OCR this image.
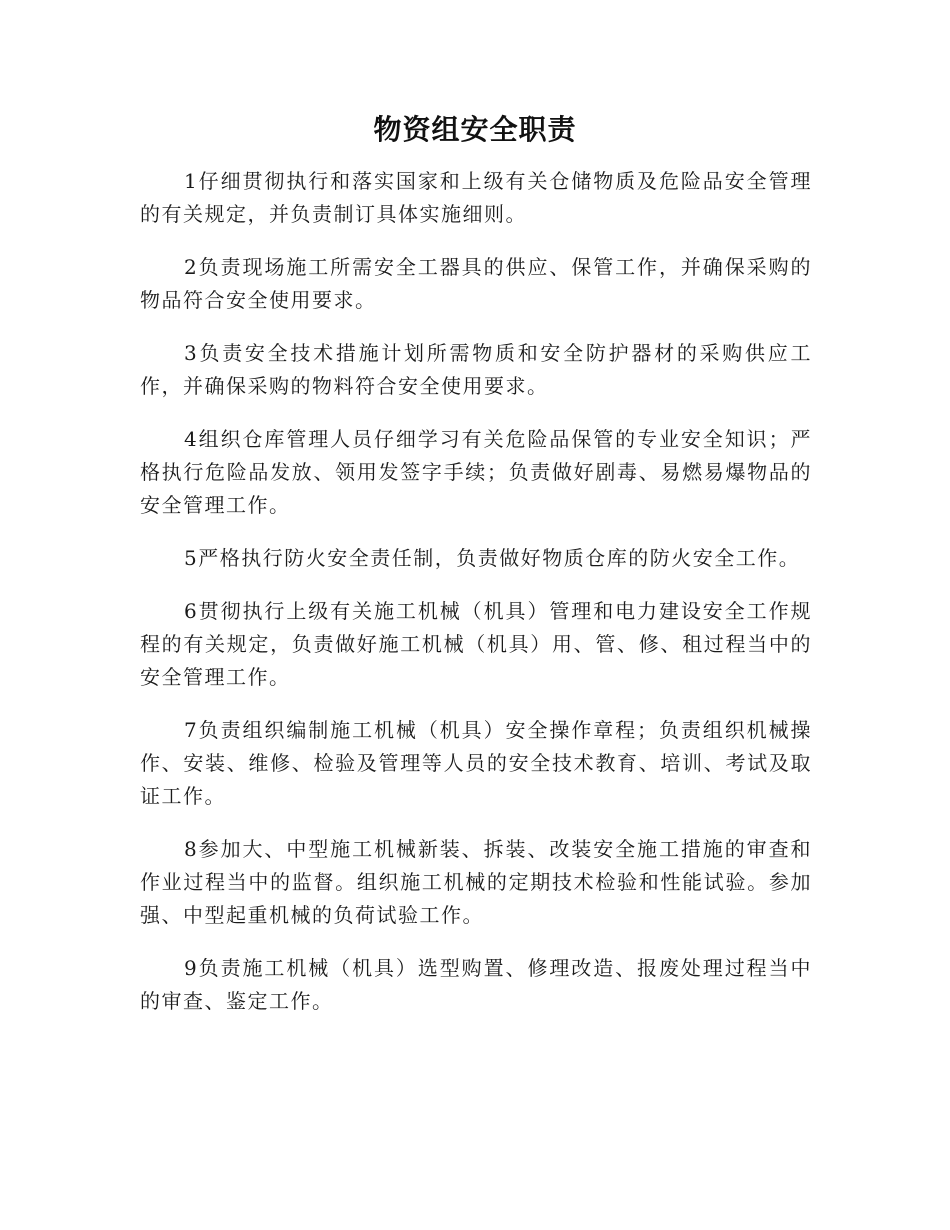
物资组安全职责

1仔细贯彻执行和落实国家和上级有关仓储物质及危险品安全管理的有关规定，并负责制订具体实施细则。

2负责现场施工所需安全工器具的供应、保管工作，并确保采购的物品符合安全使用要求。

3负责安全技术措施计划所需物质和安全防护器材的采购供应工作，并确保采购的物料符合安全使用要求。

4组织仓库管理人员仔细学习有关危险品保管的专业安全知识；严格执行危险品发放、领用发签字手续；负责做好剧毒、易燃易爆物品的安全管理工作。

5严格执行防火安全责任制，负责做好物质仓库的防火安全工作。

6贯彻执行上级有关施工机械（机具）管理和电力建设安全工作规程的有关规定，负责做好施工机械（机具）用、管、修、租过程当中的安全管理工作。

7负责组织编制施工机械（机具）安全操作章程；负责组织机械操作、安装、维修、检验及管理等人员的安全技术教育、培训、考试及取证工作。

8参加大、中型施工机械新装、拆装、改装安全施工措施的审查和作业过程当中的监督。组织施工机械的定期技术检验和性能试验。参加强、中型起重机械的负荷试验工作。

9负责施工机械（机具）选型购置、修理改造、报废处理过程当中的审查、鉴定工作。
